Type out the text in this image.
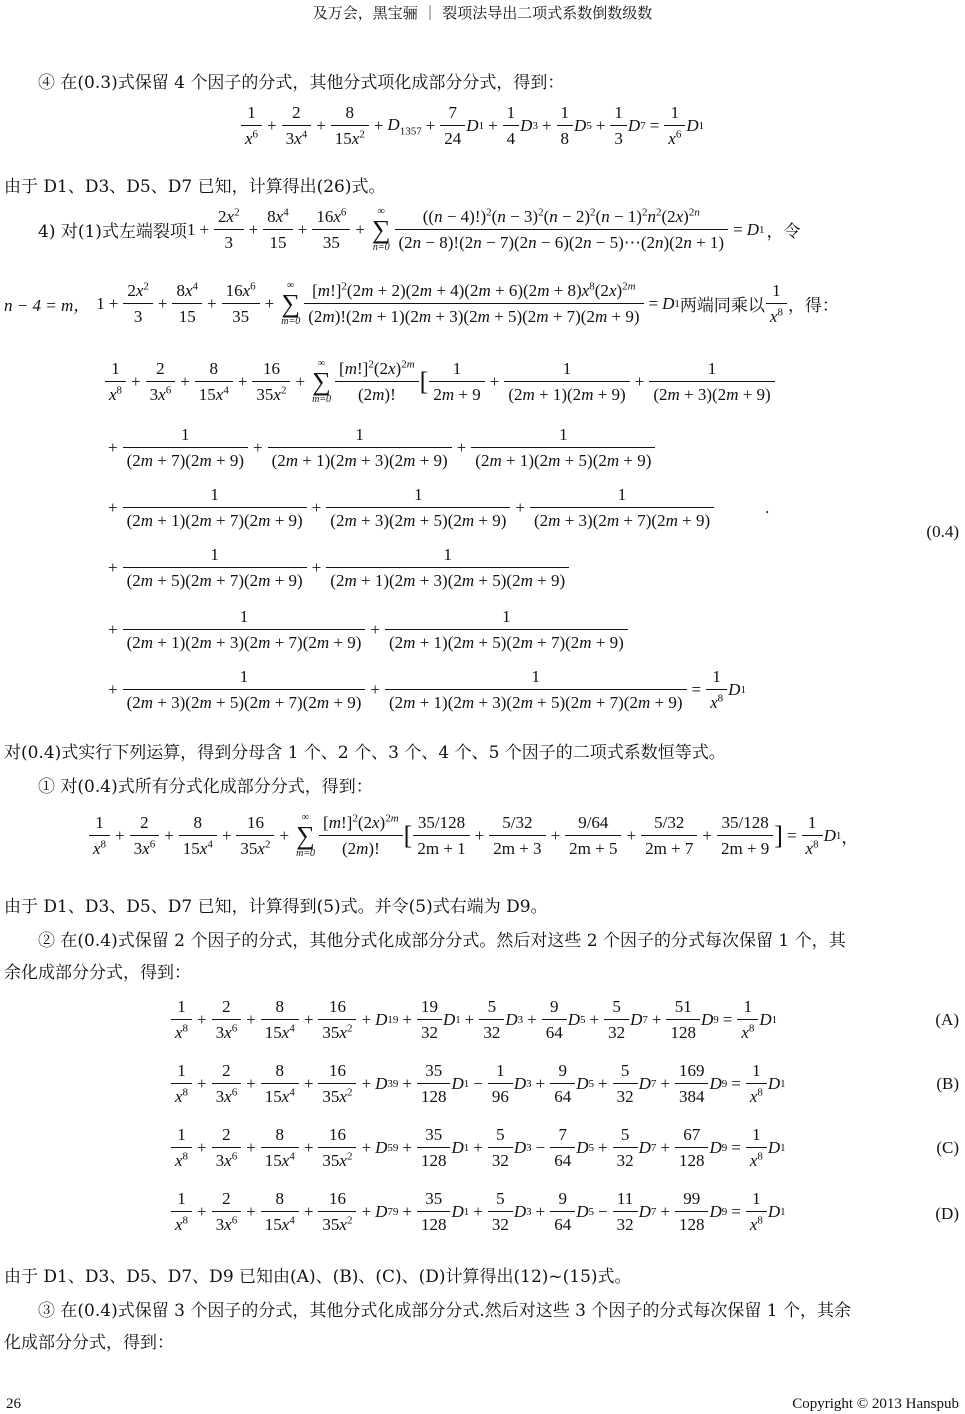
及万会，黑宝骊 ｜ 裂项法导出二项式系数倒数级数
④ 在(0.3)式保留 4 个因子的分式，其他分式项化成部分分式，得到：
$\frac{1}{x^6} + \frac{2}{3x^4} + \frac{8}{15x^2} + D_{1357} + \frac{7}{24}$ D $1 + \frac{1}{4}$ D $3 + \frac{1}{8}$ D $5 + \frac{1}{3}$ D $7 = \frac{1}{x^6}$ D 1
由于 D1、D3、D5、D7 已知，计算得出(26)式。
4) 对(1)式左端裂项 $1 + \frac{2x^2}{3} + \frac{8x^4}{15} + \frac{16x^6}{35}$ +
∞
∑
$n=0 \frac{((n - 4)!)^2(n - 3)^2(n - 2)^2(n - 1)^2n^2(2x)^{2n}}{(2n - 8)!(2n - 7)(2n - 6)(2n - 5)\cdots(2n)(2n + 1)} = D$ 1 ，令
n − 4 = m， $1 + \frac{2x^2}{3} + \frac{8x^4}{15} + \frac{16x^6}{35}$ +
∞
∑
$m=0 \frac{[m!]^2(2m + 2)(2m + 4)(2m + 6)(2m + 8)x^8(2x)^{2m}}{(2m)!(2m + 1)(2m + 3)(2m + 5)(2m + 7)(2m + 9)} = D$ 1 两端同乘以 $\frac{1}{x^8}$ ，得：
$\frac{1}{x^8} + \frac{2}{3x^6} + \frac{8}{15x^4} + \frac{16}{35x^2}$ +
∞
∑
$m=0 \frac{[m!]^2(2x)^{2m}}{(2m)!}$ [ $\frac{1}{2m + 9} + \frac{1}{(2m + 1)(2m + 9)} + \frac{1}{(2m + 3)(2m + 9)}$
+ $\frac{1}{(2m + 7)(2m + 9)} + \frac{1}{(2m + 1)(2m + 3)(2m + 9)} + \frac{1}{(2m + 1)(2m + 5)(2m + 9)}$
+ $\frac{1}{(2m + 1)(2m + 7)(2m + 9)} + \frac{1}{(2m + 3)(2m + 5)(2m + 9)} + \frac{1}{(2m + 3)(2m + 7)(2m + 9)}$	.
(0.4)
+ $\frac{1}{(2m + 5)(2m + 7)(2m + 9)} + \frac{1}{(2m + 1)(2m + 3)(2m + 5)(2m + 9)}$
+ $\frac{1}{(2m + 1)(2m + 3)(2m + 7)(2m + 9)} + \frac{1}{(2m + 1)(2m + 5)(2m + 7)(2m + 9)}$
+ $\frac{1}{(2m + 3)(2m + 5)(2m + 7)(2m + 9)} + \frac{1}{(2m + 1)(2m + 3)(2m + 5)(2m + 7)(2m + 9)} = \frac{1}{x^8}$ D 1
对(0.4)式实行下列运算，得到分母含 1 个、2 个、3 个、4 个、5 个因子的二项式系数恒等式。
① 对(0.4)式所有分式化成部分分式，得到：
$\frac{1}{x^8} + \frac{2}{3x^6} + \frac{8}{15x^4} + \frac{16}{35x^2}$ +
∞
∑
$m=0 \frac{[m!]^2(2x)^{2m}}{(2m)!}$ [ $\frac{35/128}{2m + 1} + \frac{5/32}{2m + 3} + \frac{9/64}{2m + 5} + \frac{5/32}{2m + 7} + \frac{35/128}{2m + 9}$ ] = $\frac{1}{x^8}$ D 1 ，
由于 D1、D3、D5、D7 已知，计算得到(5)式。并令(5)式右端为 D9。
② 在(0.4)式保留 2 个因子的分式，其他分式化成部分分式。然后对这些 2 个因子的分式每次保留 1 个，其
余化成部分分式，得到：
$\frac{1}{x^8} + \frac{2}{3x^6} + \frac{8}{15x^4} + \frac{16}{35x^2} + D$ $19 + \frac{19}{32}$ D $1 + \frac{5}{32}$ D $3 + \frac{9}{64}$ D $5 + \frac{5}{32}$ D $7 + \frac{51}{128}$ D $9 = \frac{1}{x^8}$ D 1	(A)
$\frac{1}{x^8} + \frac{2}{3x^6} + \frac{8}{15x^4} + \frac{16}{35x^2} + D$ $39 + \frac{35}{128}$ D $1 - \frac{1}{96}$ D $3 + \frac{9}{64}$ D $5 + \frac{5}{32}$ D $7 + \frac{169}{384}$ D $9 = \frac{1}{x^8}$ D 1	(B)
$\frac{1}{x^8} + \frac{2}{3x^6} + \frac{8}{15x^4} + \frac{16}{35x^2} + D$ $59 + \frac{35}{128}$ D $1 + \frac{5}{32}$ D $3 - \frac{7}{64}$ D $5 + \frac{5}{32}$ D $7 + \frac{67}{128}$ D $9 = \frac{1}{x^8}$ D 1	(C)
$\frac{1}{x^8} + \frac{2}{3x^6} + \frac{8}{15x^4} + \frac{16}{35x^2} + D$ $79 + \frac{35}{128}$ D $1 + \frac{5}{32}$ D $3 + \frac{9}{64}$ D $5 - \frac{11}{32}$ D $7 + \frac{99}{128}$ D $9 = \frac{1}{x^8}$ D 1	(D)
由于 D1、D3、D5、D7、D9 已知由(A)、(B)、(C)、(D)计算得出(12)~(15)式。
③ 在(0.4)式保留 3 个因子的分式，其他分式化成部分分式.然后对这些 3 个因子的分式每次保留 1 个，其余
化成部分分式，得到：
26	Copyright © 2013 Hanspub
